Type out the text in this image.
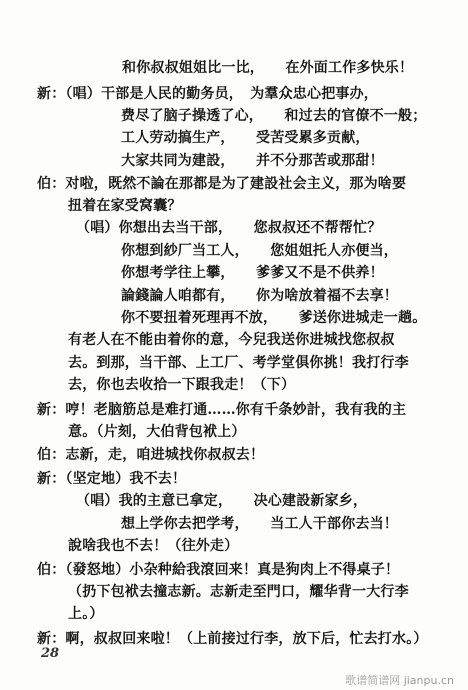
和你叔叔姐姐比一比，　　在外面工作多快乐！
新：（唱）干部是人民的勤务员，　为羣众忠心把事办，
费尽了脑子操透了心，　　和过去的官僚不一般；
工人劳动搞生产，　　受苦受累多贡献，
大家共同为建設，　　并不分那苦或那甜！
伯：对啦，既然不論在那都是为了建設社会主义，那为啥要
扭着在家受窝囊？
（唱）你想出去当干部，　　您叔叔还不帮帮忙？
你想到紗厂当工人，　　您姐姐托人亦便当，
你想考学往上攀，　　爹爹又不是不供养！
論錢論人咱都有，　　你为啥放着福不去享！
你不要扭着死理再不放，　　爹送你进城走一趟。
有老人在不能由着你的意，今兒我送你进城找您叔叔
去。到那，当干部、上工厂、考学堂俱你挑！我打行李
去，你也去收拾一下跟我走！（下）
新：哼！老脑筋总是难打通……你有千条妙計，我有我的主
意。（片刻，大伯背包袱上）
伯：志新，走，咱进城找你叔叔去！
新：（坚定地）我不去！
（唱）我的主意已拿定，　　决心建設新家乡，
想上学你去把学考，　　当工人干部你去当！
說啥我也不去！（往外走）
伯：（發怒地）小杂种給我滾回来！真是狗肉上不得桌子！
（扔下包袱去撞志新。志新走至門口，耀华背一大行李
上。）
新：啊，叔叔回来啦！（上前接过行李，放下后，忙去打水。）
28
歌谱简谱网 jianpu.cn
